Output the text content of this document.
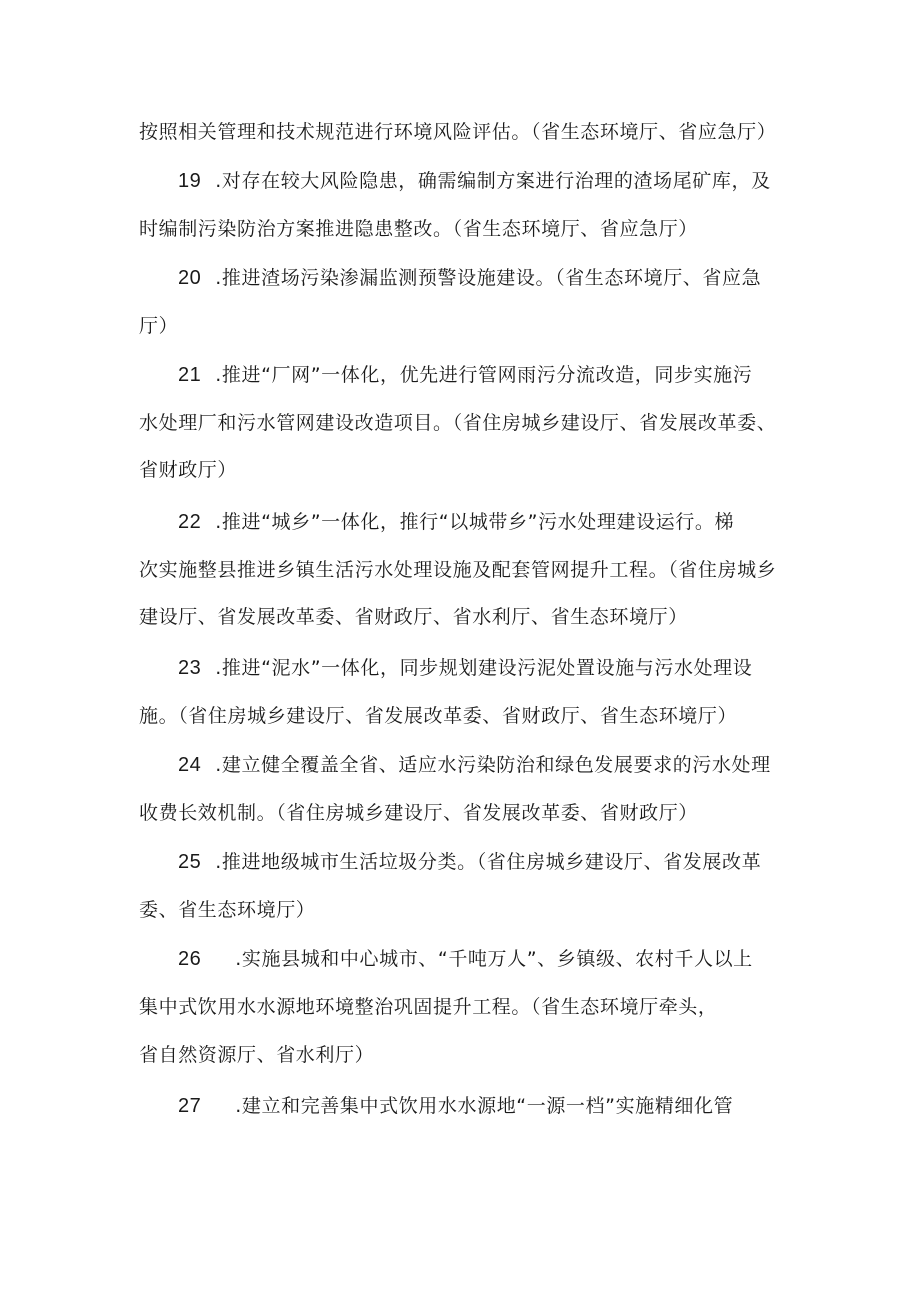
按照相关管理和技术规范进行环境风险评估。（省生态环境厅、省应急厅）
19 .对存在较大风险隐患，确需编制方案进行治理的渣场尾矿库，及
时编制污染防治方案推进隐患整改。（省生态环境厅、省应急厅）
20 .推进渣场污染渗漏监测预警设施建设。（省生态环境厅、省应急
厅）
21 .推进“厂网”一体化，优先进行管网雨污分流改造，同步实施污
水处理厂和污水管网建设改造项目。（省住房城乡建设厅、省发展改革委、
省财政厅）
22 .推进“城乡”一体化，推行“以城带乡”污水处理建设运行。梯
次实施整县推进乡镇生活污水处理设施及配套管网提升工程。（省住房城乡
建设厅、省发展改革委、省财政厅、省水利厅、省生态环境厅）
23 .推进“泥水”一体化，同步规划建设污泥处置设施与污水处理设
施。（省住房城乡建设厅、省发展改革委、省财政厅、省生态环境厅）
24 .建立健全覆盖全省、适应水污染防治和绿色发展要求的污水处理
收费长效机制。（省住房城乡建设厅、省发展改革委、省财政厅）
25 .推进地级城市生活垃圾分类。（省住房城乡建设厅、省发展改革
委、省生态环境厅）
26 .实施县城和中心城市、“千吨万人”、乡镇级、农村千人以上
集中式饮用水水源地环境整治巩固提升工程。（省生态环境厅牵头，
省自然资源厅、省水利厅）
27 .建立和完善集中式饮用水水源地“一源一档”实施精细化管
